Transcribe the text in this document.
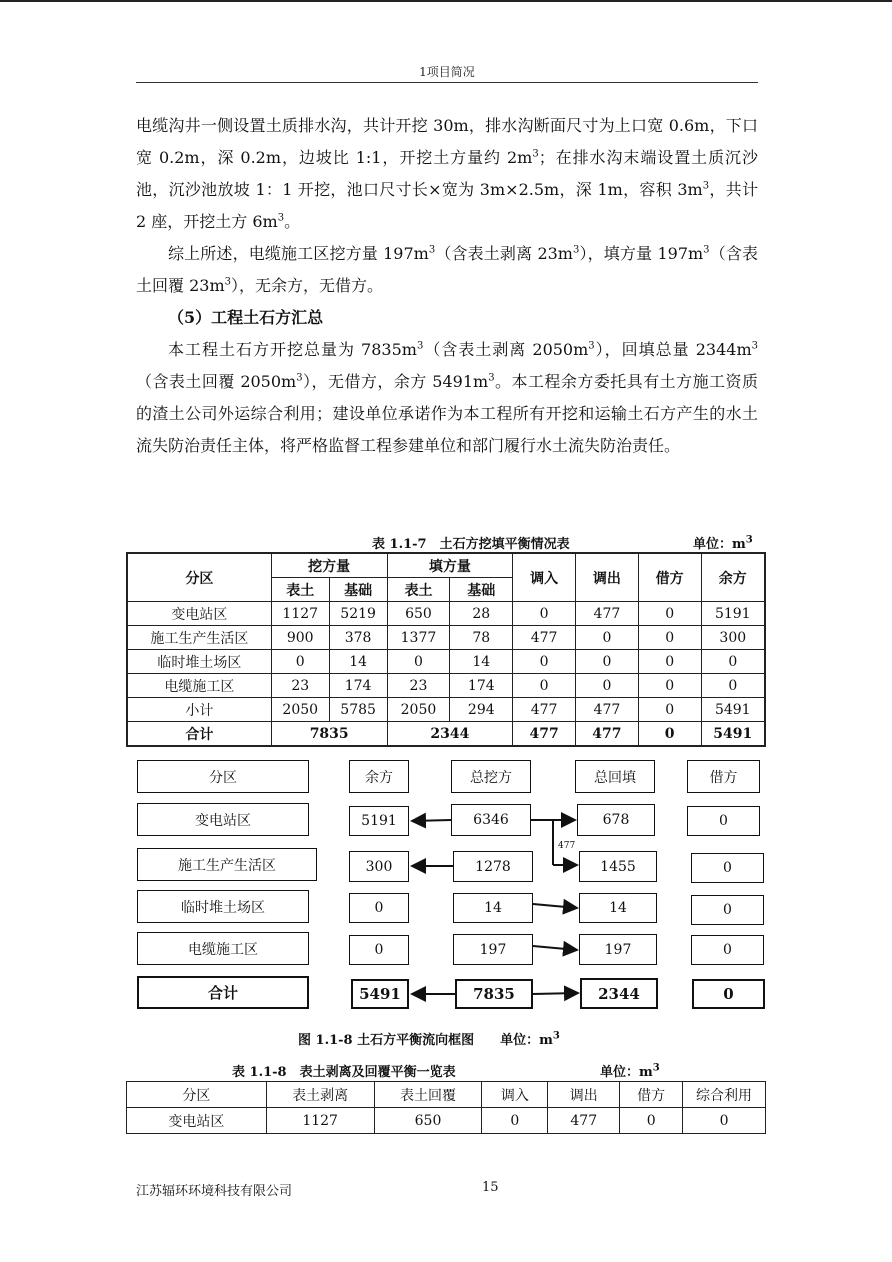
1项目简况

电缆沟井一侧设置土质排水沟，共计开挖 30m，排水沟断面尺寸为上口宽 0.6m，下口宽 0.2m，深 0.2m，边坡比 1:1，开挖土方量约 $2m^3$；在排水沟末端设置土质沉沙池，沉沙池放坡 1：1 开挖，池口尺寸长×宽为 3m×2.5m，深 1m，容积 $3m^3$，共计 2 座，开挖土方 $6m^3$。

综上所述，电缆施工区挖方量 $197m^3$（含表土剥离 $23m^3$），填方量 $197m^3$（含表土回覆 $23m^3$），无余方，无借方。

（5）工程土石方汇总

本工程土石方开挖总量为 $7835m^3$（含表土剥离 $2050m^3$），回填总量 $2344m^3$（含表土回覆 $2050m^3$），无借方，余方 $5491m^3$。本工程余方委托具有土方施工资质的渣土公司外运综合利用；建设单位承诺作为本工程所有开挖和运输土石方产生的水土流失防治责任主体，将严格监督工程参建单位和部门履行水土流失防治责任。

表 1.1-7　土石方挖填平衡情况表	单位：$m^3$
分区	挖方量		填方量		调入	调出	借方	余方
	表土	基础	表土	基础				
变电站区	1127	5219	650	28	0	477	0	5191
施工生产生活区	900	378	1377	78	477	0	0	300
临时堆土场区	0	14	0	14	0	0	0	0
电缆施工区	23	174	23	174	0	0	0	0
小计	2050	5785	2050	294	477	477	0	5491
合计	7835		2344		477	477	0	5491
分区	余方	总挖方	总回填	借方
变电站区	5191	6346	678	0
施工生产生活区	300	1278	1455	0
临时堆土场区	0	14	14	0
电缆施工区	0	197	197	0
合计	5491	7835	2344	0
477
图 1.1-8 土石方平衡流向框图　　单位：$m^3$
表 1.1-8　表土剥离及回覆平衡一览表	单位：$m^3$
分区	表土剥离	表土回覆	调入	调出	借方	综合利用
变电站区	1127	650	0	477	0	0
江苏辐环环境科技有限公司	15
